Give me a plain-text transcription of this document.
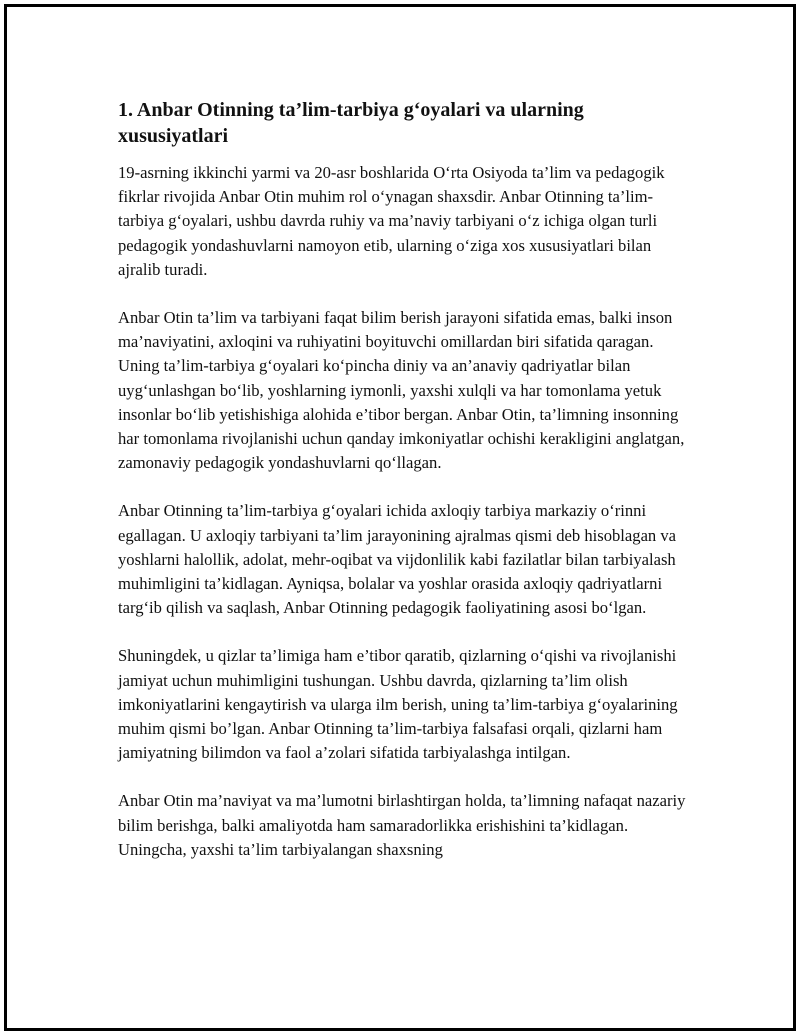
1. Anbar Otinning ta’lim-tarbiya g‘oyalari va ularning xususiyatlari

19-asrning ikkinchi yarmi va 20-asr boshlarida O‘rta Osiyoda ta’lim va pedagogik fikrlar rivojida Anbar Otin muhim rol o‘ynagan shaxsdir. Anbar Otinning ta’lim-tarbiya g‘oyalari, ushbu davrda ruhiy va ma’naviy tarbiyani o‘z ichiga olgan turli pedagogik yondashuvlarni namoyon etib, ularning o‘ziga xos xususiyatlari bilan ajralib turadi.

Anbar Otin ta’lim va tarbiyani faqat bilim berish jarayoni sifatida emas, balki inson ma’naviyatini, axloqini va ruhiyatini boyituvchi omillardan biri sifatida qaragan. Uning ta’lim-tarbiya g‘oyalari ko‘pincha diniy va an’anaviy qadriyatlar bilan uyg‘unlashgan bo‘lib, yoshlarning iymonli, yaxshi xulqli va har tomonlama yetuk insonlar bo‘lib yetishishiga alohida e’tibor bergan. Anbar Otin, ta’limning insonning har tomonlama rivojlanishi uchun qanday imkoniyatlar ochishi kerakligini anglatgan, zamonaviy pedagogik yondashuvlarni qo‘llagan.

Anbar Otinning ta’lim-tarbiya g‘oyalari ichida axloqiy tarbiya markaziy o‘rinni egallagan. U axloqiy tarbiyani ta’lim jarayonining ajralmas qismi deb hisoblagan va yoshlarni halollik, adolat, mehr-oqibat va vijdonlilik kabi fazilatlar bilan tarbiyalash muhimligini ta’kidlagan. Ayniqsa, bolalar va yoshlar orasida axloqiy qadriyatlarni targ‘ib qilish va saqlash, Anbar Otinning pedagogik faoliyatining asosi bo‘lgan.

Shuningdek, u qizlar ta’limiga ham e’tibor qaratib, qizlarning o‘qishi va rivojlanishi jamiyat uchun muhimligini tushungan. Ushbu davrda, qizlarning ta’lim olish imkoniyatlarini kengaytirish va ularga ilm berish, uning ta’lim-tarbiya g‘oyalarining muhim qismi bo’lgan. Anbar Otinning ta’lim-tarbiya falsafasi orqali, qizlarni ham jamiyatning bilimdon va faol a’zolari sifatida tarbiyalashga intilgan.

Anbar Otin ma’naviyat va ma’lumotni birlashtirgan holda, ta’limning nafaqat nazariy bilim berishga, balki amaliyotda ham samaradorlikka erishishini ta’kidlagan. Uningcha, yaxshi ta’lim tarbiyalangan shaxsning
